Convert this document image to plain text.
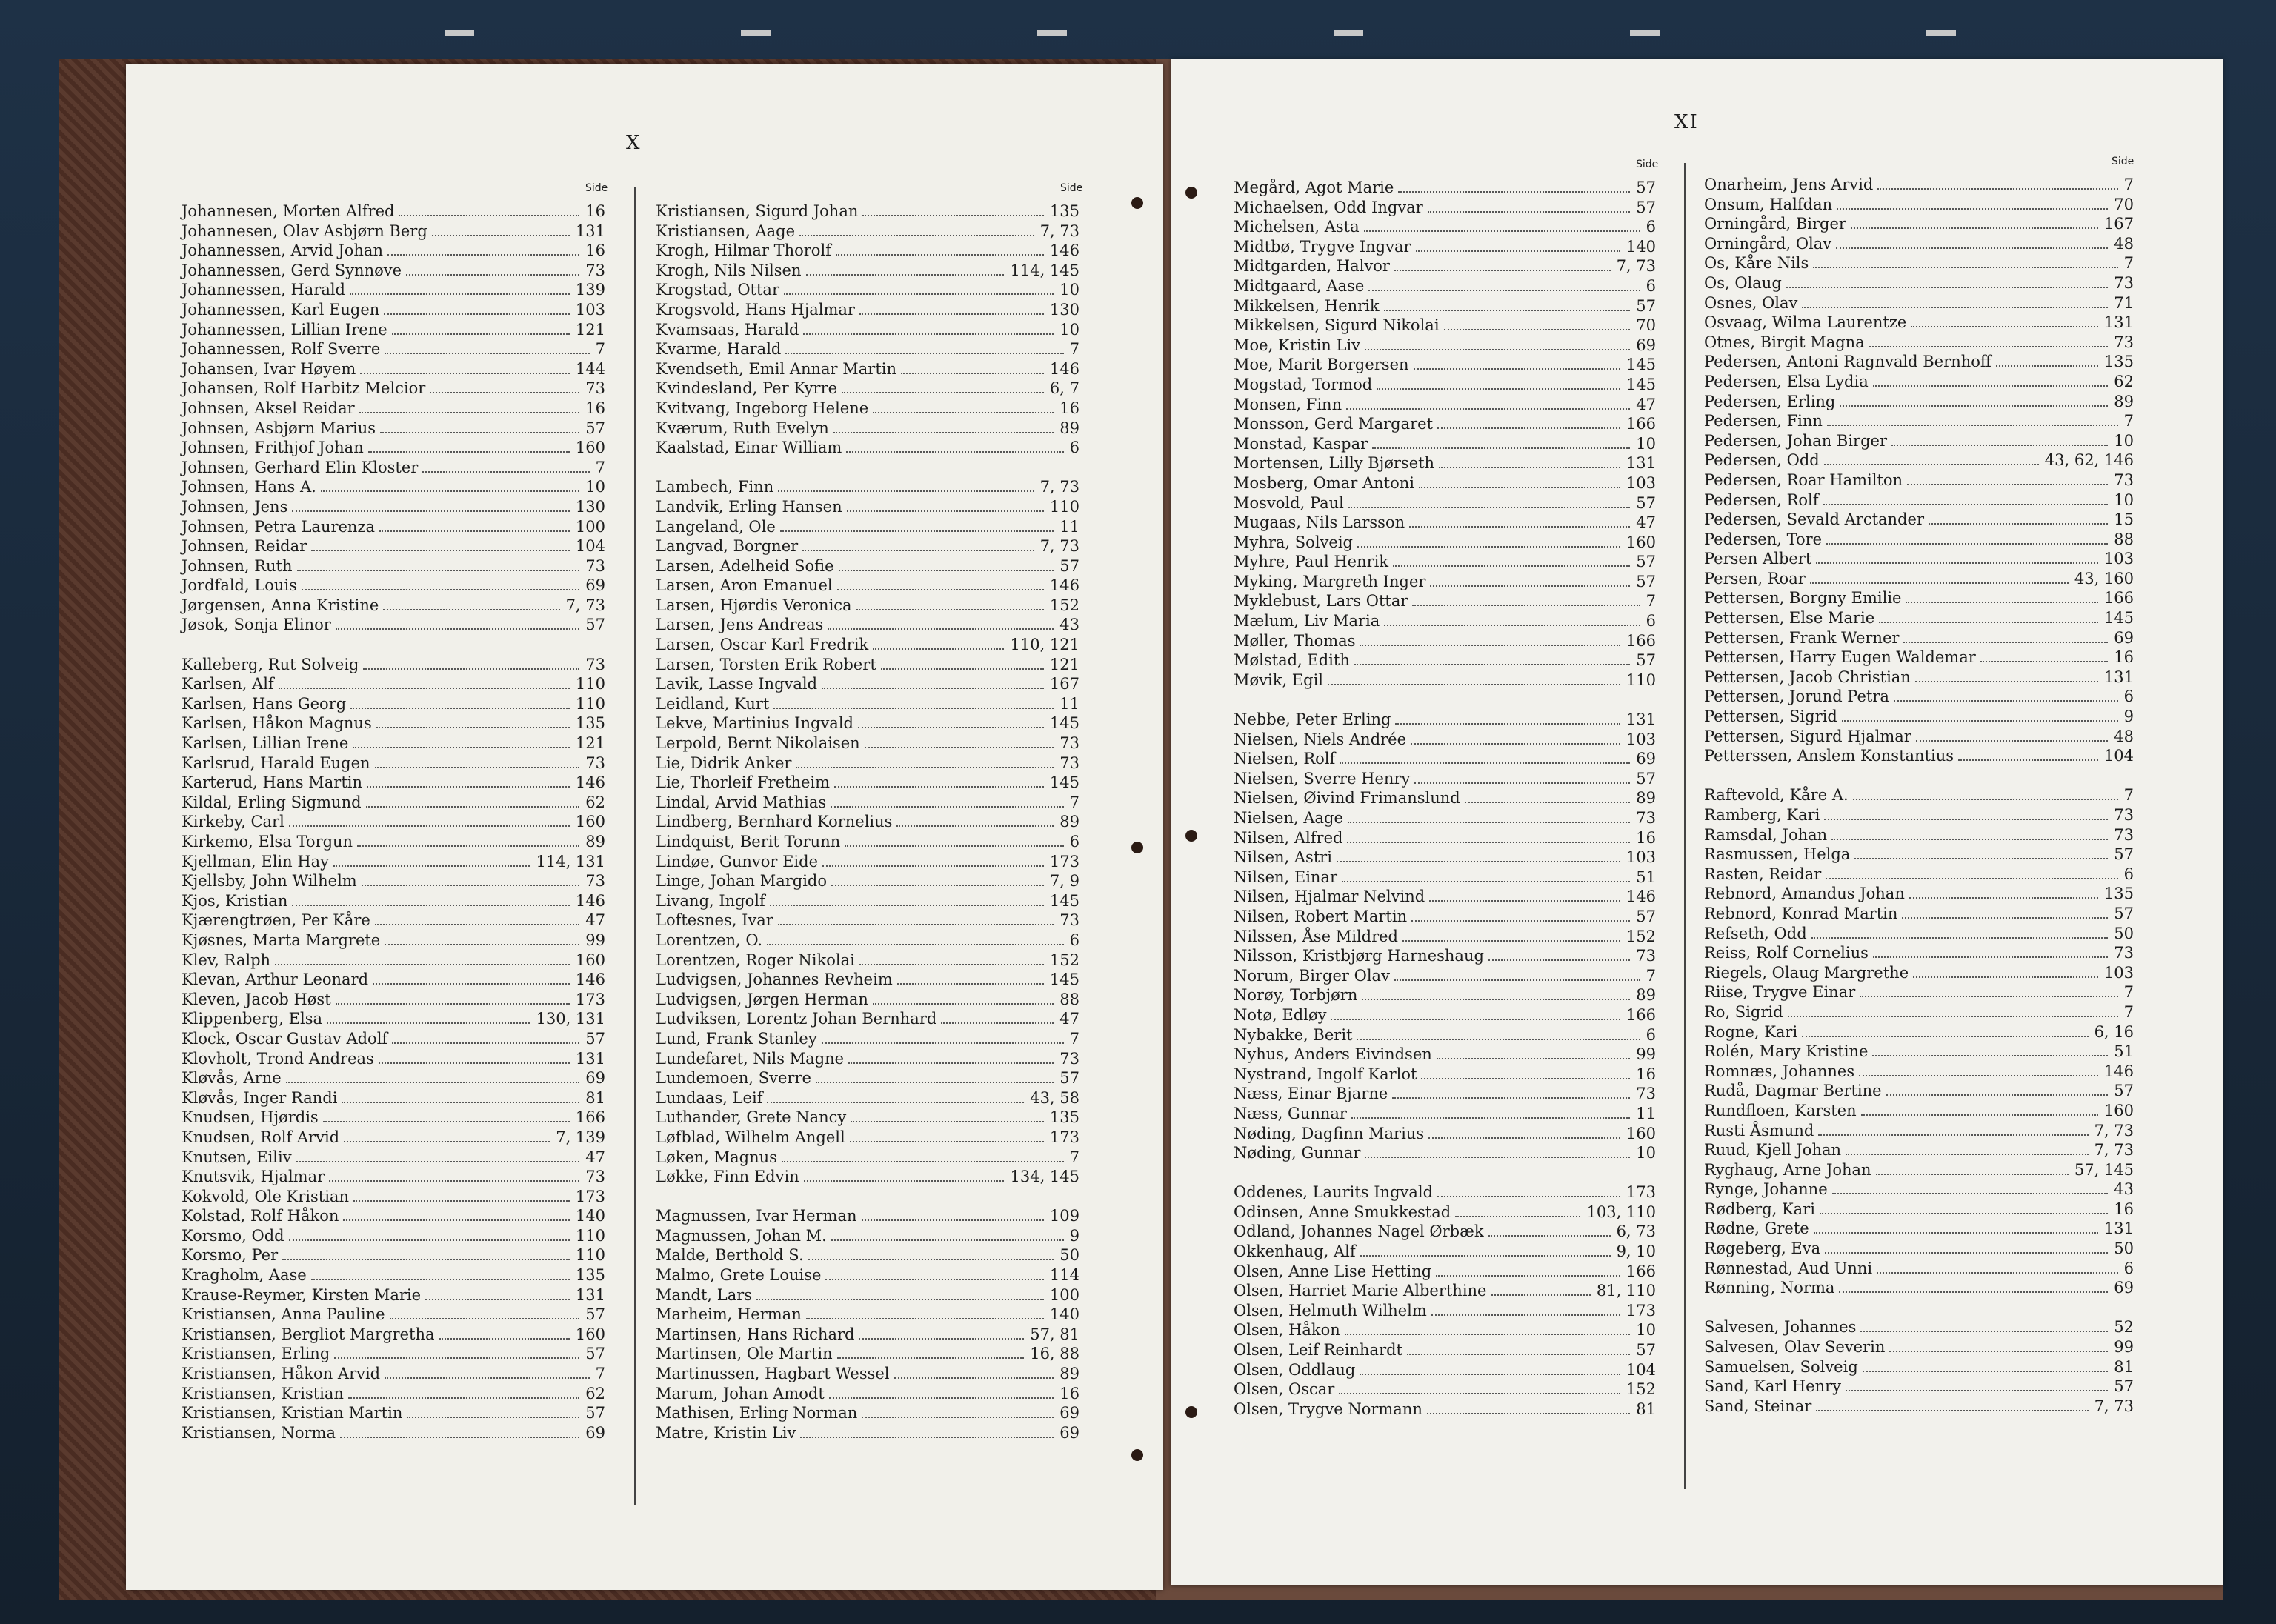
X
Side
Johannesen, Morten Alfred	16
Johannesen, Olav Asbjørn Berg	131
Johannessen, Arvid Johan	16
Johannessen, Gerd Synnøve	73
Johannessen, Harald	139
Johannessen, Karl Eugen	103
Johannessen, Lillian Irene	121
Johannessen, Rolf Sverre	7
Johansen, Ivar Høyem	144
Johansen, Rolf Harbitz Melcior	73
Johnsen, Aksel Reidar	16
Johnsen, Asbjørn Marius	57
Johnsen, Frithjof Johan	160
Johnsen, Gerhard Elin Kloster	7
Johnsen, Hans A.	10
Johnsen, Jens	130
Johnsen, Petra Laurenza	100
Johnsen, Reidar	104
Johnsen, Ruth	73
Jordfald, Louis	69
Jørgensen, Anna Kristine	7, 73
Jøsok, Sonja Elinor	57
Kalleberg, Rut Solveig	73
Karlsen, Alf	110
Karlsen, Hans Georg	110
Karlsen, Håkon Magnus	135
Karlsen, Lillian Irene	121
Karlsrud, Harald Eugen	73
Karterud, Hans Martin	146
Kildal, Erling Sigmund	62
Kirkeby, Carl	160
Kirkemo, Elsa Torgun	89
Kjellman, Elin Hay	114, 131
Kjellsby, John Wilhelm	73
Kjos, Kristian	146
Kjærengtrøen, Per Kåre	47
Kjøsnes, Marta Margrete	99
Klev, Ralph	160
Klevan, Arthur Leonard	146
Kleven, Jacob Høst	173
Klippenberg, Elsa	130, 131
Klock, Oscar Gustav Adolf	57
Klovholt, Trond Andreas	131
Kløvås, Arne	69
Kløvås, Inger Randi	81
Knudsen, Hjørdis	166
Knudsen, Rolf Arvid	7, 139
Knutsen, Eiliv	47
Knutsvik, Hjalmar	73
Kokvold, Ole Kristian	173
Kolstad, Rolf Håkon	140
Korsmo, Odd	110
Korsmo, Per	110
Kragholm, Aase	135
Krause-Reymer, Kirsten Marie	131
Kristiansen, Anna Pauline	57
Kristiansen, Bergliot Margretha	160
Kristiansen, Erling	57
Kristiansen, Håkon Arvid	7
Kristiansen, Kristian	62
Kristiansen, Kristian Martin	57
Kristiansen, Norma	69
Side
Kristiansen, Sigurd Johan	135
Kristiansen, Aage	7, 73
Krogh, Hilmar Thorolf	146
Krogh, Nils Nilsen	114, 145
Krogstad, Ottar	10
Krogsvold, Hans Hjalmar	130
Kvamsaas, Harald	10
Kvarme, Harald	7
Kvendseth, Emil Annar Martin	146
Kvindesland, Per Kyrre	6, 7
Kvitvang, Ingeborg Helene	16
Kværum, Ruth Evelyn	89
Kaalstad, Einar William	6
Lambech, Finn	7, 73
Landvik, Erling Hansen	110
Langeland, Ole	11
Langvad, Borgner	7, 73
Larsen, Adelheid Sofie	57
Larsen, Aron Emanuel	146
Larsen, Hjørdis Veronica	152
Larsen, Jens Andreas	43
Larsen, Oscar Karl Fredrik	110, 121
Larsen, Torsten Erik Robert	121
Lavik, Lasse Ingvald	167
Leidland, Kurt	11
Lekve, Martinius Ingvald	145
Lerpold, Bernt Nikolaisen	73
Lie, Didrik Anker	73
Lie, Thorleif Fretheim	145
Lindal, Arvid Mathias	7
Lindberg, Bernhard Kornelius	89
Lindquist, Berit Torunn	6
Lindøe, Gunvor Eide	173
Linge, Johan Margido	7, 9
Livang, Ingolf	145
Loftesnes, Ivar	73
Lorentzen, O.	6
Lorentzen, Roger Nikolai	152
Ludvigsen, Johannes Revheim	145
Ludvigsen, Jørgen Herman	88
Ludviksen, Lorentz Johan Bernhard	47
Lund, Frank Stanley	7
Lundefaret, Nils Magne	73
Lundemoen, Sverre	57
Lundaas, Leif	43, 58
Luthander, Grete Nancy	135
Løfblad, Wilhelm Angell	173
Løken, Magnus	7
Løkke, Finn Edvin	134, 145
Magnussen, Ivar Herman	109
Magnussen, Johan M.	9
Malde, Berthold S.	50
Malmo, Grete Louise	114
Mandt, Lars	100
Marheim, Herman	140
Martinsen, Hans Richard	57, 81
Martinsen, Ole Martin	16, 88
Martinussen, Hagbart Wessel	89
Marum, Johan Amodt	16
Mathisen, Erling Norman	69
Matre, Kristin Liv	69
XI
Side
Megård, Agot Marie	57
Michaelsen, Odd Ingvar	57
Michelsen, Asta	6
Midtbø, Trygve Ingvar	140
Midtgarden, Halvor	7, 73
Midtgaard, Aase	6
Mikkelsen, Henrik	57
Mikkelsen, Sigurd Nikolai	70
Moe, Kristin Liv	69
Moe, Marit Borgersen	145
Mogstad, Tormod	145
Monsen, Finn	47
Monsson, Gerd Margaret	166
Monstad, Kaspar	10
Mortensen, Lilly Bjørseth	131
Mosberg, Omar Antoni	103
Mosvold, Paul	57
Mugaas, Nils Larsson	47
Myhra, Solveig	160
Myhre, Paul Henrik	57
Myking, Margreth Inger	57
Myklebust, Lars Ottar	7
Mælum, Liv Maria	6
Møller, Thomas	166
Mølstad, Edith	57
Møvik, Egil	110
Nebbe, Peter Erling	131
Nielsen, Niels Andrée	103
Nielsen, Rolf	69
Nielsen, Sverre Henry	57
Nielsen, Øivind Frimanslund	89
Nielsen, Aage	73
Nilsen, Alfred	16
Nilsen, Astri	103
Nilsen, Einar	51
Nilsen, Hjalmar Nelvind	146
Nilsen, Robert Martin	57
Nilssen, Åse Mildred	152
Nilsson, Kristbjørg Harneshaug	73
Norum, Birger Olav	7
Norøy, Torbjørn	89
Notø, Edløy	166
Nybakke, Berit	6
Nyhus, Anders Eivindsen	99
Nystrand, Ingolf Karlot	16
Næss, Einar Bjarne	73
Næss, Gunnar	11
Nøding, Dagfinn Marius	160
Nøding, Gunnar	10
Oddenes, Laurits Ingvald	173
Odinsen, Anne Smukkestad	103, 110
Odland, Johannes Nagel Ørbæk	6, 73
Okkenhaug, Alf	9, 10
Olsen, Anne Lise Hetting	166
Olsen, Harriet Marie Alberthine	81, 110
Olsen, Helmuth Wilhelm	173
Olsen, Håkon	10
Olsen, Leif Reinhardt	57
Olsen, Oddlaug	104
Olsen, Oscar	152
Olsen, Trygve Normann	81
Side
Onarheim, Jens Arvid	7
Onsum, Halfdan	70
Orningård, Birger	167
Orningård, Olav	48
Os, Kåre Nils	7
Os, Olaug	73
Osnes, Olav	71
Osvaag, Wilma Laurentze	131
Otnes, Birgit Magna	73
Pedersen, Antoni Ragnvald Bernhoff	135
Pedersen, Elsa Lydia	62
Pedersen, Erling	89
Pedersen, Finn	7
Pedersen, Johan Birger	10
Pedersen, Odd	43, 62, 146
Pedersen, Roar Hamilton	73
Pedersen, Rolf	10
Pedersen, Sevald Arctander	15
Pedersen, Tore	88
Persen Albert	103
Persen, Roar	43, 160
Pettersen, Borgny Emilie	166
Pettersen, Else Marie	145
Pettersen, Frank Werner	69
Pettersen, Harry Eugen Waldemar	16
Pettersen, Jacob Christian	131
Pettersen, Jorund Petra	6
Pettersen, Sigrid	9
Pettersen, Sigurd Hjalmar	48
Petterssen, Anslem Konstantius	104
Raftevold, Kåre A.	7
Ramberg, Kari	73
Ramsdal, Johan	73
Rasmussen, Helga	57
Rasten, Reidar	6
Rebnord, Amandus Johan	135
Rebnord, Konrad Martin	57
Refseth, Odd	50
Reiss, Rolf Cornelius	73
Riegels, Olaug Margrethe	103
Riise, Trygve Einar	7
Ro, Sigrid	7
Rogne, Kari	6, 16
Rolén, Mary Kristine	51
Romnæs, Johannes	146
Rudå, Dagmar Bertine	57
Rundfloen, Karsten	160
Rusti Åsmund	7, 73
Ruud, Kjell Johan	7, 73
Ryghaug, Arne Johan	57, 145
Rynge, Johanne	43
Rødberg, Kari	16
Rødne, Grete	131
Røgeberg, Eva	50
Rønnestad, Aud Unni	6
Rønning, Norma	69
Salvesen, Johannes	52
Salvesen, Olav Severin	99
Samuelsen, Solveig	81
Sand, Karl Henry	57
Sand, Steinar	7, 73
